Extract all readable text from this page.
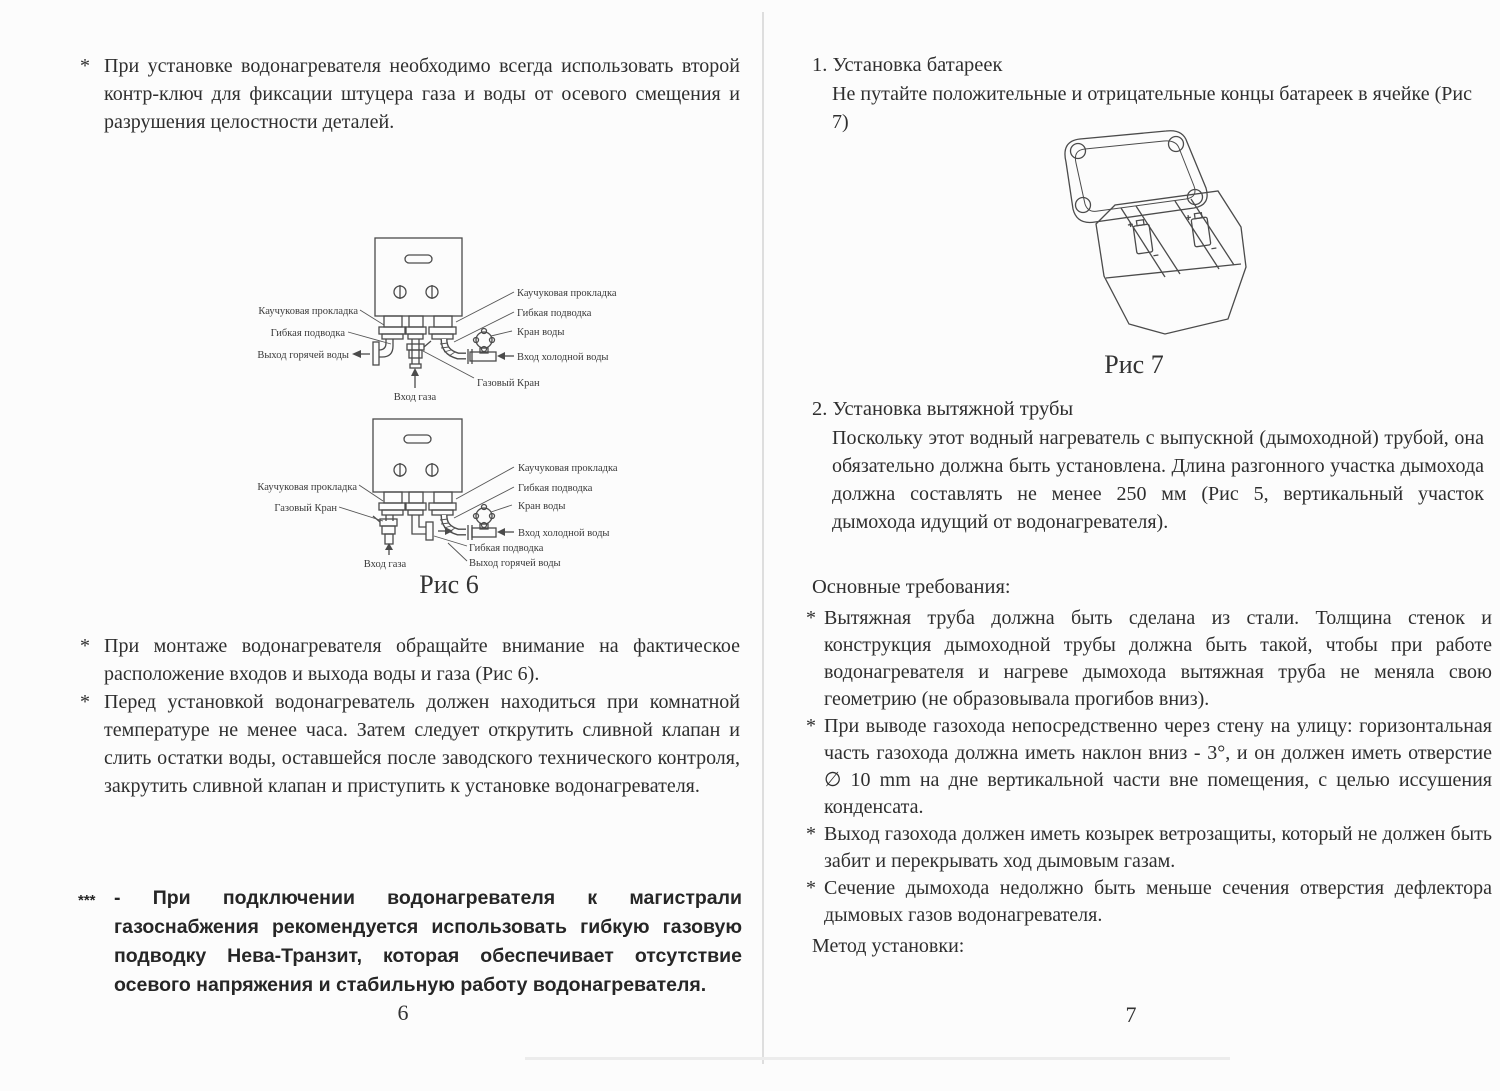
* При установке водонагревателя необходимо всегда использовать второй контр-ключ для фиксации штуцера газа и воды от осевого смещения и разрушения целостности деталей.
Каучуковая прокладка
Гибкая подводка
Выход горячей воды
Каучуковая прокладка
Гибкая подводка
Кран воды
Вход холодной воды
Газовый Кран
Вход газа
Каучуковая прокладка
Газовый Кран
Каучуковая прокладка
Гибкая подводка
Кран воды
Вход холодной воды
Гибкая подводка
Выход горячей воды
Вход газа
Рис 6
* При монтаже водонагревателя обращайте внимание на фактическое расположение входов и выхода воды и газа (Рис 6).
* Перед установкой водонагреватель должен находиться при комнатной температуре не менее часа. Затем следует открутить сливной клапан и слить остатки воды, оставшейся после заводского технического контроля, закрутить сливной клапан и приступить к установке водонагревателя.
*** - При подключении водонагревателя к магистрали газоснабжения рекомендуется использовать гибкую газовую подводку Нева-Транзит, которая обеспечивает отсутствие осевого напряжения и стабильную работу водонагревателя.
6
1. Установка батареек
Не путайте положительные и отрицательные концы батареек в ячейке (Рис 7)
Рис 7
2. Установка вытяжной трубы
Поскольку этот водный нагреватель с выпускной (дымоходной) трубой, она обязательно должна быть установлена. Длина разгонного участка дымохода должна составлять не менее 250 мм (Рис 5, вертикальный участок дымохода идущий от водонагревателя).
Основные требования:
* Вытяжная труба должна быть сделана из стали. Толщина стенок и конструкция дымоходной трубы должна быть такой, чтобы при работе водонагревателя и нагреве дымохода вытяжная труба не меняла свою геометрию (не образовывала прогибов вниз).
* При выводе газохода непосредственно через стену на улицу: горизонтальная часть газохода должна иметь наклон вниз - 3°, и он должен иметь отверстие ∅ 10 mm на дне вертикальной части вне помещения, с целью иссушения конденсата.
* Выход газохода должен иметь козырек ветрозащиты, который не должен быть забит и перекрывать ход дымовым газам.
* Сечение дымохода недолжно быть меньше сечения отверстия дефлектора дымовых газов водонагревателя.
Метод установки:
7
